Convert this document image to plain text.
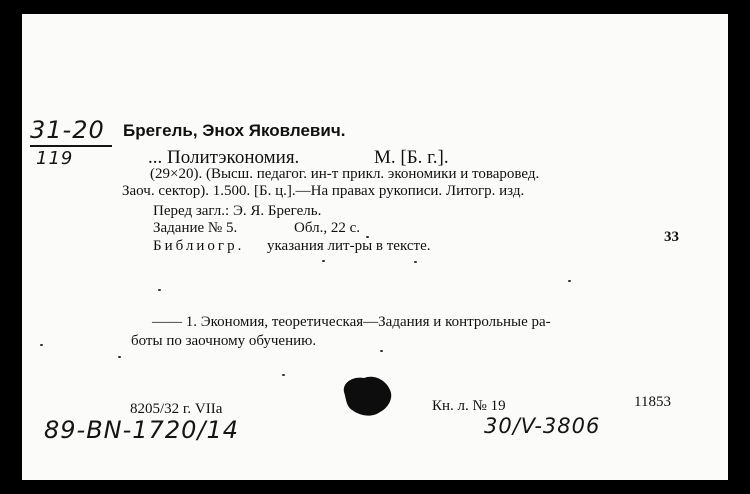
31-20
119
Брегель, Энох Яковлевич.
... Политэкономия.	М. [Б. г.].
(29×20). (Высш. педагог. ин-т прикл. экономики и товаровед.
Заоч. сектор). 1.500. [Б. ц.].—На правах рукописи. Литогр. изд.
Перед загл.: Э. Я. Брегель.
Задание № 5.	Обл., 22 с.
33
Библиогр. указания лит-ры в тексте.
—— 1. Экономия, теоретическая—Задания и контрольные ра-
боты по заочному обучению.
8205/32 г. VIIa	Кн. л. № 19	11853
89-BN-1720/14	30/V-3806
